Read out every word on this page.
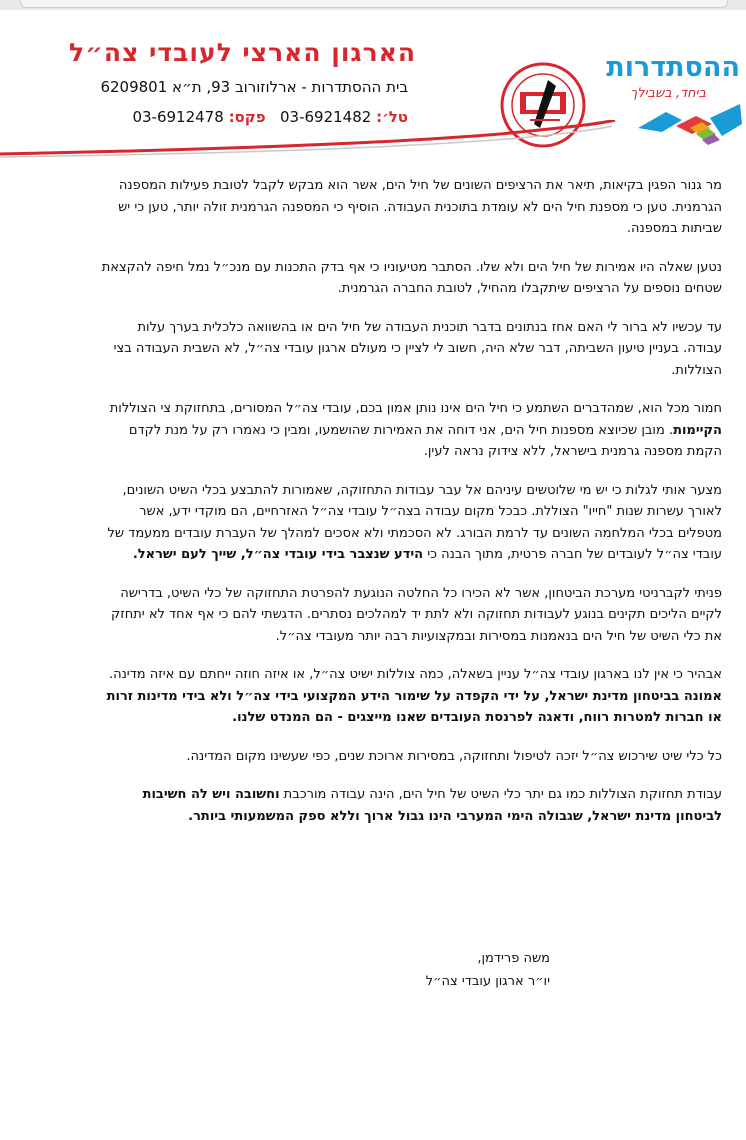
הארגון הארצי לעובדי צה״ל
בית ההסתדרות - ארלוזורוב 93, ת״א 6209801
טל׳: 03-6921482   פקס: 03-6912478
ההסתדרות
ביחד, בשבילך

מר גנור הפגין בקיאות, תיאר את הרציפים השונים של חיל הים, אשר הוא מבקש לקבל לטובת פעילות המספנה הגרמנית. טען כי מספנת חיל הים לא עומדת בתוכנית העבודה. הוסיף כי המספנה הגרמנית זולה יותר, טען כי יש שביתות במספנה.

נטען שאלה היו אמירות של חיל הים ולא שלו. הסתבר מטיעוניו כי אף בדק התכנות עם מנכ״ל נמל חיפה להקצאת שטחים נוספים על הרציפים שיתקבלו מהחיל, לטובת החברה הגרמנית.

עד עכשיו לא ברור לי האם אחז בנתונים בדבר תוכנית העבודה של חיל הים או בהשוואה כלכלית בערך עלות עבודה. בעניין טיעון השביתה, דבר שלא היה, חשוב לי לציין כי מעולם ארגון עובדי צה״ל, לא השבית העבודה בצי הצוללות.

חמור מכל הוא, שמהדברים השתמע כי חיל הים אינו נותן אמון בכם, עובדי צה״ל המסורים, בתחזוקת צי הצוללות הקיימות. מובן שכיוצא מספנות חיל הים, אני דוחה את האמירות שהושמעו, ומבין כי נאמרו רק על מנת לקדם הקמת מספנה גרמנית בישראל, ללא צידוק נראה לעין.

מצער אותי לגלות כי יש מי שלוטשים עיניהם אל עבר עבודות התחזוקה, שאמורות להתבצע בכלי השיט השונים, לאורך עשרות שנות "חייו" הצוללת. כבכל מקום עבודה בצה״ל עובדי צה״ל האזרחיים, הם מוקדי ידע, אשר מטפלים בכלי המלחמה השונים עד לרמת הבורג. לא הסכמתי ולא אסכים למהלך של העברת עובדים ממעמד של עובדי צה״ל לעובדים של חברה פרטית, מתוך הבנה כי הידע שנצבר בידי עובדי צה״ל, שייך לעם ישראל.

פניתי לקברניטי מערכת הביטחון, אשר לא הכירו כל החלטה הנוגעת להפרטת התחזוקה של כלי השיט, בדרישה לקיים הליכים תקינים בנוגע לעבודות תחזוקה ולא לתת יד למהלכים נסתרים. הדגשתי להם כי אף אחד לא יתחזק את כלי השיט של חיל הים בנאמנות במסירות ובמקצועיות רבה יותר מעובדי צה״ל.

אבהיר כי אין לנו בארגון עובדי צה״ל עניין בשאלה, כמה צוללות ישיט צה״ל, או איזה חוזה ייחתם עם איזה מדינה. אמונה בביטחון מדינת ישראל, על ידי הקפדה על שימור הידע המקצועי בידי צה״ל ולא בידי מדינות זרות או חברות למטרות רווח, ודאגה לפרנסת העובדים שאנו מייצגים - הם המנדט שלנו.

כל כלי שיט שירכוש צה״ל יזכה לטיפול ותחזוקה, במסירות ארוכת שנים, כפי שעשינו מקום המדינה.

עבודת תחזוקת הצוללות כמו גם יתר כלי השיט של חיל הים, הינה עבודה מורכבת וחשובה ויש לה חשיבות לביטחון מדינת ישראל, שגבולה הימי המערבי הינו גבול ארוך וללא ספק המשמעותי ביותר.

משה פרידמן,
יו״ר ארגון עובדי צה״ל
